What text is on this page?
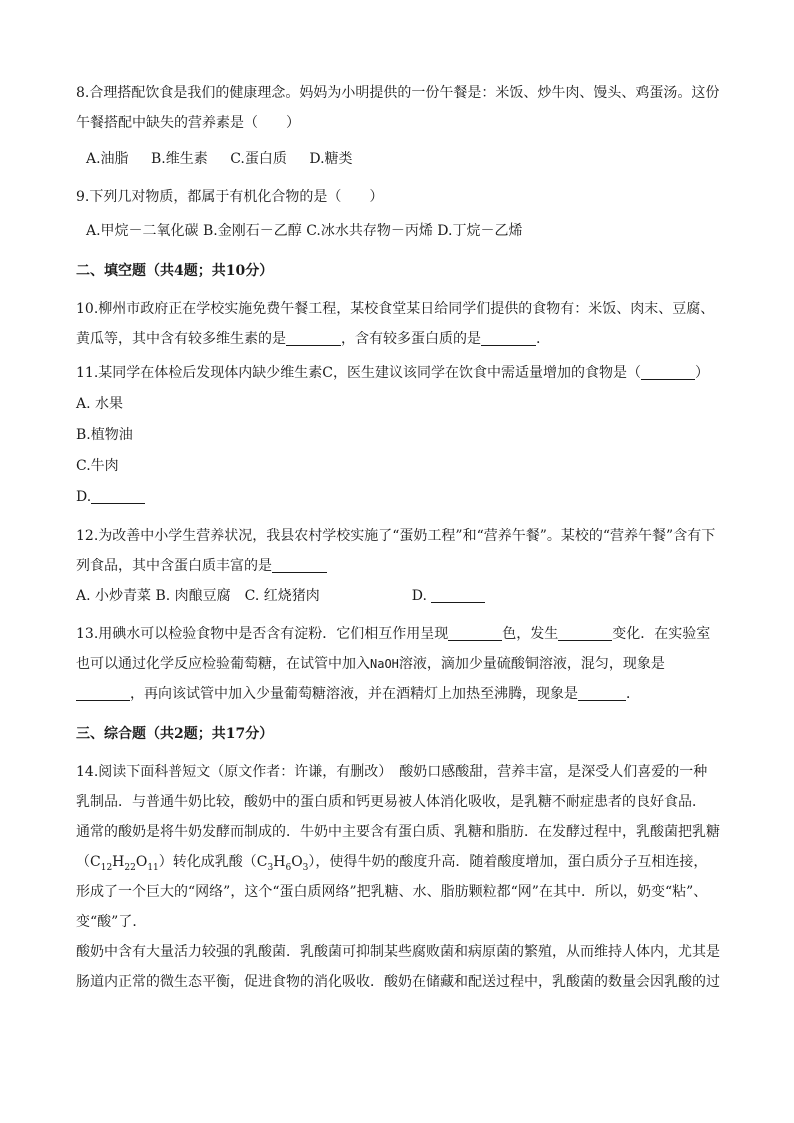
8.合理搭配饮食是我们的健康理念。妈妈为小明提供的一份午餐是：米饭、炒牛肉、馒头、鸡蛋汤。这份午餐搭配中缺失的营养素是（　　）

A.油脂 B.维生素 C.蛋白质 D.糖类

9.下列几对物质，都属于有机化合物的是（　　）

A.甲烷－二氧化碳 B.金刚石－乙醇 C.冰水共存物－丙烯 D.丁烷－乙烯

二、填空题（共4题；共10分）

10.柳州市政府正在学校实施免费午餐工程，某校食堂某日给同学们提供的食物有：米饭、肉末、豆腐、黄瓜等，其中含有较多维生素的是	，含有较多蛋白质的是	.

11.某同学在体检后发现体内缺少维生素C，医生建议该同学在饮食中需适量增加的食物是（	）

A. 水果

B.植物油

C.牛肉

D.

12.为改善中小学生营养状况，我县农村学校实施了“蛋奶工程”和“营养午餐”。某校的“营养午餐”含有下列食品，其中含蛋白质丰富的是

A. 小炒青菜 B. 肉酿豆腐　C. 红烧猪肉	D.

13.用碘水可以检验食物中是否含有淀粉．它们相互作用呈现	色，发生	变化．在实验室也可以通过化学反应检验葡萄糖，在试管中加入NaOH溶液，滴加少量硫酸铜溶液，混匀，现象是
，再向该试管中加入少量葡萄糖溶液，并在酒精灯上加热至沸腾，现象是	．

三、综合题（共2题；共17分）

14.阅读下面科普短文（原文作者：许谦，有删改）　酸奶口感酸甜，营养丰富，是深受人们喜爱的一种乳制品．与普通牛奶比较，酸奶中的蛋白质和钙更易被人体消化吸收，是乳糖不耐症患者的良好食品．

通常的酸奶是将牛奶发酵而制成的．牛奶中主要含有蛋白质、乳糖和脂肪．在发酵过程中，乳酸菌把乳糖$(C_{12}H_{22}O_{11})$转化成乳酸$(C_3H_6O_3)$，使得牛奶的酸度升高．随着酸度增加，蛋白质分子互相连接，形成了一个巨大的“网络”，这个“蛋白质网络”把乳糖、水、脂肪颗粒都“网”在其中．所以，奶变“粘”、变“酸”了．

酸奶中含有大量活力较强的乳酸菌．乳酸菌可抑制某些腐败菌和病原菌的繁殖，从而维持人体内，尤其是肠道内正常的微生态平衡，促进食物的消化吸收．酸奶在储藏和配送过程中，乳酸菌的数量会因乳酸的过
